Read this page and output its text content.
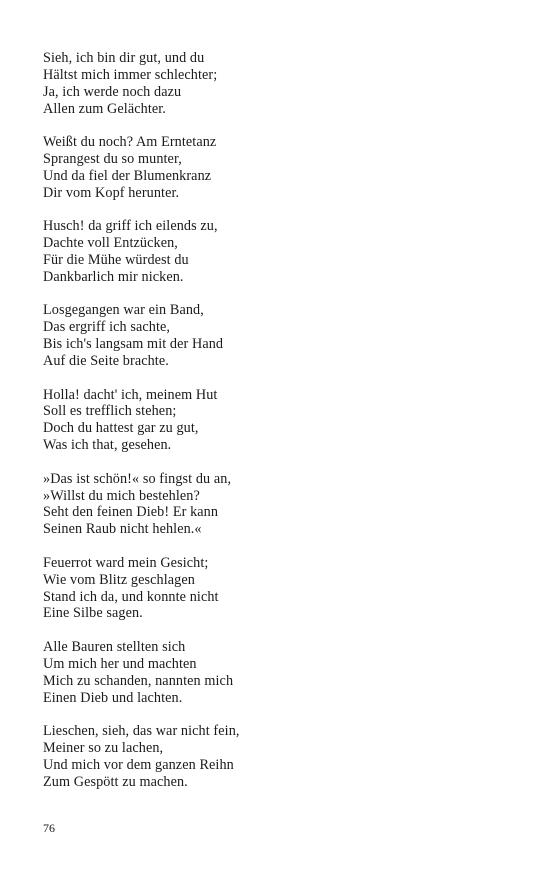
Sieh, ich bin dir gut, und du
Hältst mich immer schlechter;
Ja, ich werde noch dazu
Allen zum Gelächter.
Weißt du noch? Am Erntetanz
Sprangest du so munter,
Und da fiel der Blumenkranz
Dir vom Kopf herunter.
Husch! da griff ich eilends zu,
Dachte voll Entzücken,
Für die Mühe würdest du
Dankbarlich mir nicken.
Losgegangen war ein Band,
Das ergriff ich sachte,
Bis ich's langsam mit der Hand
Auf die Seite brachte.
Holla! dacht' ich, meinem Hut
Soll es trefflich stehen;
Doch du hattest gar zu gut,
Was ich that, gesehen.
»Das ist schön!« so fingst du an,
»Willst du mich bestehlen?
Seht den feinen Dieb! Er kann
Seinen Raub nicht hehlen.«
Feuerrot ward mein Gesicht;
Wie vom Blitz geschlagen
Stand ich da, und konnte nicht
Eine Silbe sagen.
Alle Bauren stellten sich
Um mich her und machten
Mich zu schanden, nannten mich
Einen Dieb und lachten.
Lieschen, sieh, das war nicht fein,
Meiner so zu lachen,
Und mich vor dem ganzen Reihn
Zum Gespött zu machen.
76
